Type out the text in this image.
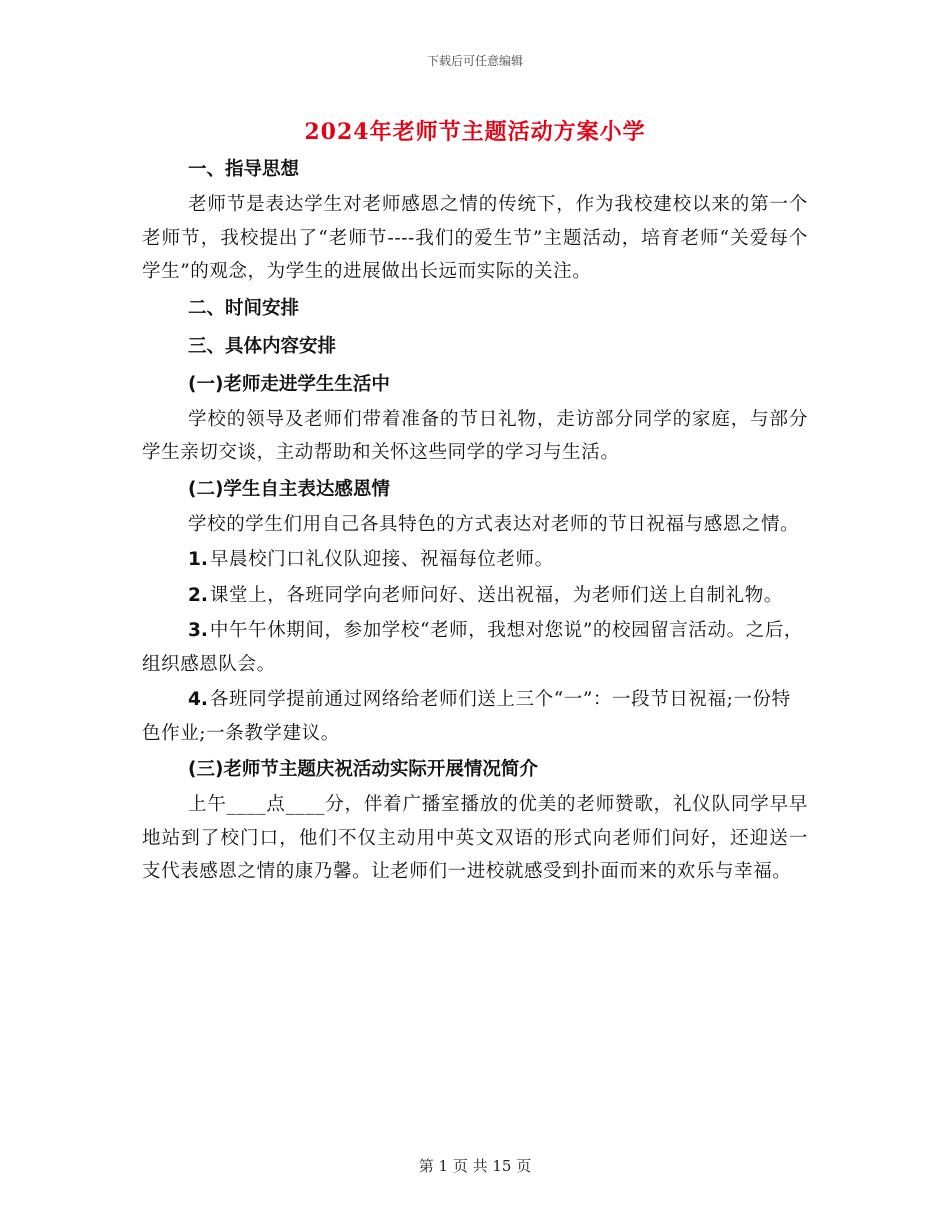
下载后可任意编辑
2024年老师节主题活动方案小学
一、指导思想
老师节是表达学生对老师感恩之情的传统下，作为我校建校以来的第一个老师节，我校提出了“老师节----我们的爱生节”主题活动，培育老师“关爱每个学生”的观念，为学生的进展做出长远而实际的关注。
二、时间安排
三、具体内容安排
(一)老师走进学生生活中
学校的领导及老师们带着准备的节日礼物，走访部分同学的家庭，与部分学生亲切交谈，主动帮助和关怀这些同学的学习与生活。
(二)学生自主表达感恩情
学校的学生们用自己各具特色的方式表达对老师的节日祝福与感恩之情。
1. 早晨校门口礼仪队迎接、祝福每位老师。
2. 课堂上，各班同学向老师问好、送出祝福，为老师们送上自制礼物。
3. 中午午休期间，参加学校“老师，我想对您说”的校园留言活动。之后，组织感恩队会。
4. 各班同学提前通过网络给老师们送上三个“一”：一段节日祝福;一份特色作业;一条教学建议。
(三)老师节主题庆祝活动实际开展情况简介
上午____点____分，伴着广播室播放的优美的老师赞歌，礼仪队同学早早地站到了校门口，他们不仅主动用中英文双语的形式向老师们问好，还迎送一支代表感恩之情的康乃馨。让老师们一进校就感受到扑面而来的欢乐与幸福。
第 1 页 共 15 页
